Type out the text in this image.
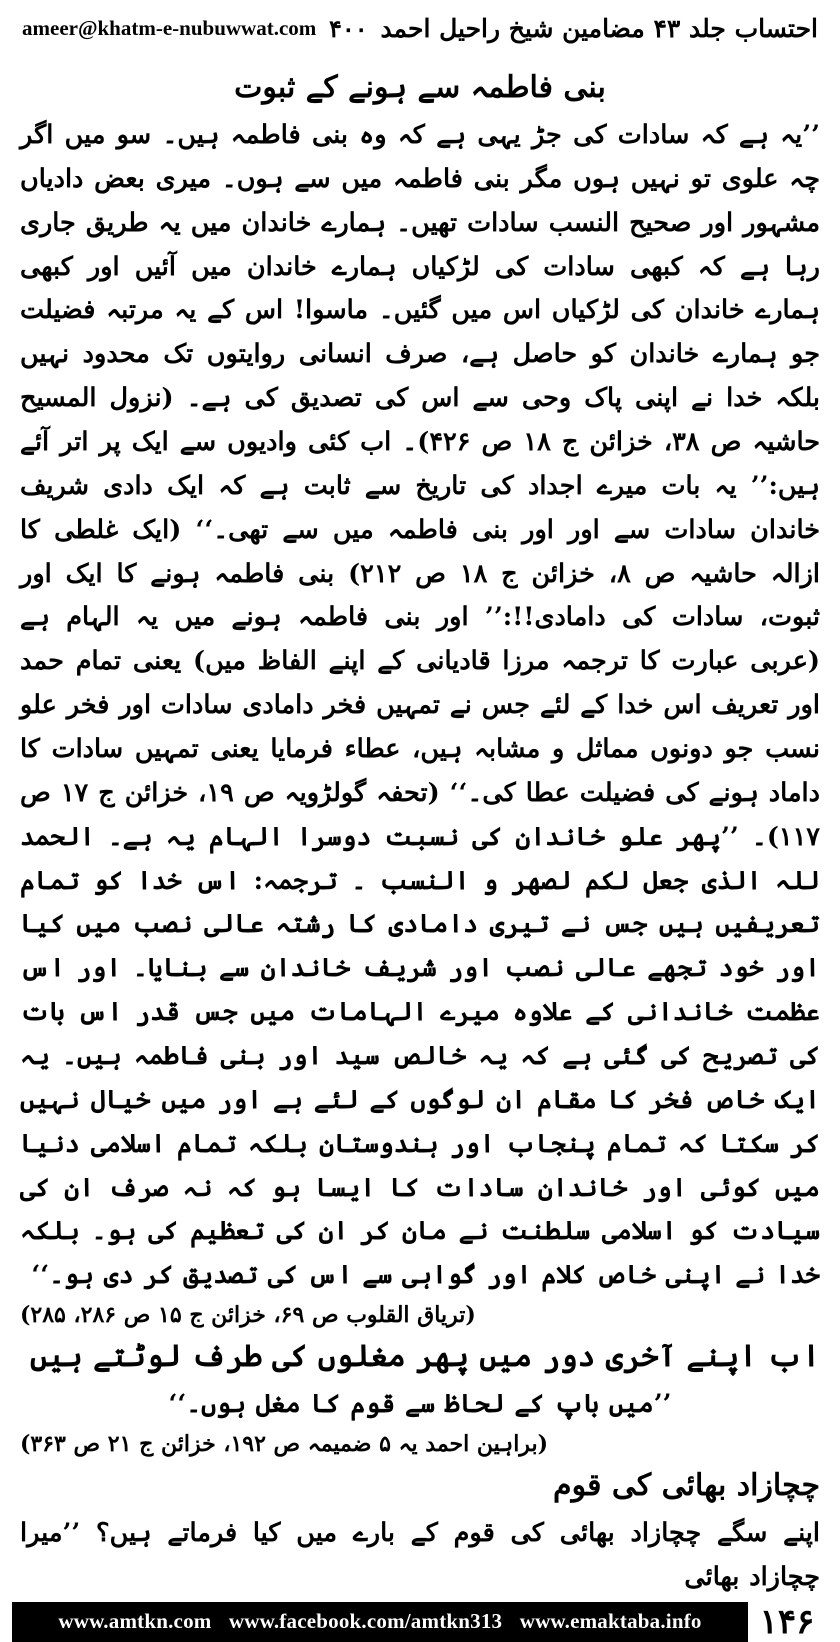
احتساب جلد ۴۳ مضامین شیخ راحیل احمد
۴۰۰
ameer@khatm-e-nubuwwat.com
بنی فاطمہ سے ہونے کے ثبوت

’’یہ ہے کہ سادات کی جڑ یہی ہے کہ وہ بنی فاطمہ ہیں۔ سو میں اگر چہ علوی تو نہیں ہوں مگر بنی فاطمہ میں سے ہوں۔ میری بعض دادیاں مشہور اور صحیح النسب سادات تھیں۔ ہمارے خاندان میں یہ طریق جاری رہا ہے کہ کبھی سادات کی لڑکیاں ہمارے خاندان میں آئیں اور کبھی ہمارے خاندان کی لڑکیاں اس میں گئیں۔ ماسوا! اس کے یہ مرتبہ فضیلت جو ہمارے خاندان کو حاصل ہے، صرف انسانی روایتوں تک محدود نہیں بلکہ خدا نے اپنی پاک وحی سے اس کی تصدیق کی ہے۔ (نزول المسیح حاشیہ ص ۳۸، خزائن ج ۱۸ ص ۴۲۶)۔ اب کئی وادیوں سے ایک پر اتر آئے ہیں:’’ یہ بات میرے اجداد کی تاریخ سے ثابت ہے کہ ایک دادی شریف خاندان سادات سے اور اور بنی فاطمہ میں سے تھی۔‘‘ (ایک غلطی کا ازالہ حاشیہ ص ۸، خزائن ج ۱۸ ص ۲۱۲) بنی فاطمہ ہونے کا ایک اور ثبوت، سادات کی دامادی!!:’’ اور بنی فاطمہ ہونے میں یہ الہام ہے (عربی عبارت کا ترجمہ مرزا قادیانی کے اپنے الفاظ میں) یعنی تمام حمد اور تعریف اس خدا کے لئے جس نے تمہیں فخر دامادی سادات اور فخر علو نسب جو دونوں مماثل و مشابہ ہیں، عطاء فرمایا یعنی تمہیں سادات کا داماد ہونے کی فضیلت عطا کی۔‘‘ (تحفہ گولڑویہ ص ۱۹، خزائن ج ۱۷ ص ۱۱۷)۔ ’’پھر علو خاندان کی نسبت دوسرا الہام یہ ہے۔ الحمد للہ الذی جعل لکم لصھر و النسب ۔ ترجمہ: اس خدا کو تمام تعریفیں ہیں جس نے تیری دامادی کا رشتہ عالی نصب میں کیا اور خود تجھے عالی نصب اور شریف خاندان سے بنایا۔ اور اس عظمت خاندانی کے علاوہ میرے الہامات میں جس قدر اس بات کی تصریح کی گئی ہے کہ یہ خالص سید اور بنی فاطمہ ہیں۔ یہ ایک خاص فخر کا مقام ان لوگوں کے لئے ہے اور میں خیال نہیں کر سکتا کہ تمام پنجاب اور ہندوستان بلکہ تمام اسلامی دنیا میں کوئی اور خاندان سادات کا ایسا ہو کہ نہ صرف ان کی سیادت کو اسلامی سلطنت نے مان کر ان کی تعظیم کی ہو۔ بلکہ خدا نے اپنی خاص کلام اور گواہی سے اس کی تصدیق کر دی ہو۔‘‘

(تریاق القلوب ص ۶۹، خزائن ج ۱۵ ص ۲۸۶، ۲۸۵)
اب اپنے آخری دور میں پھر مغلوں کی طرف لوٹتے ہیں

’’میں باپ کے لحاظ سے قوم کا مغل ہوں۔‘‘

(براہین احمد یہ ۵ ضمیمہ ص ۱۹۲، خزائن ج ۲۱ ص ۳۶۳)
چچازاد بھائی کی قوم

اپنے سگے چچازاد بھائی کی قوم کے بارے میں کیا فرماتے ہیں؟ ’’میرا چچازاد بھائی

۱۴۶
www.amtkn.com www.facebook.com/amtkn313 www.emaktaba.info
